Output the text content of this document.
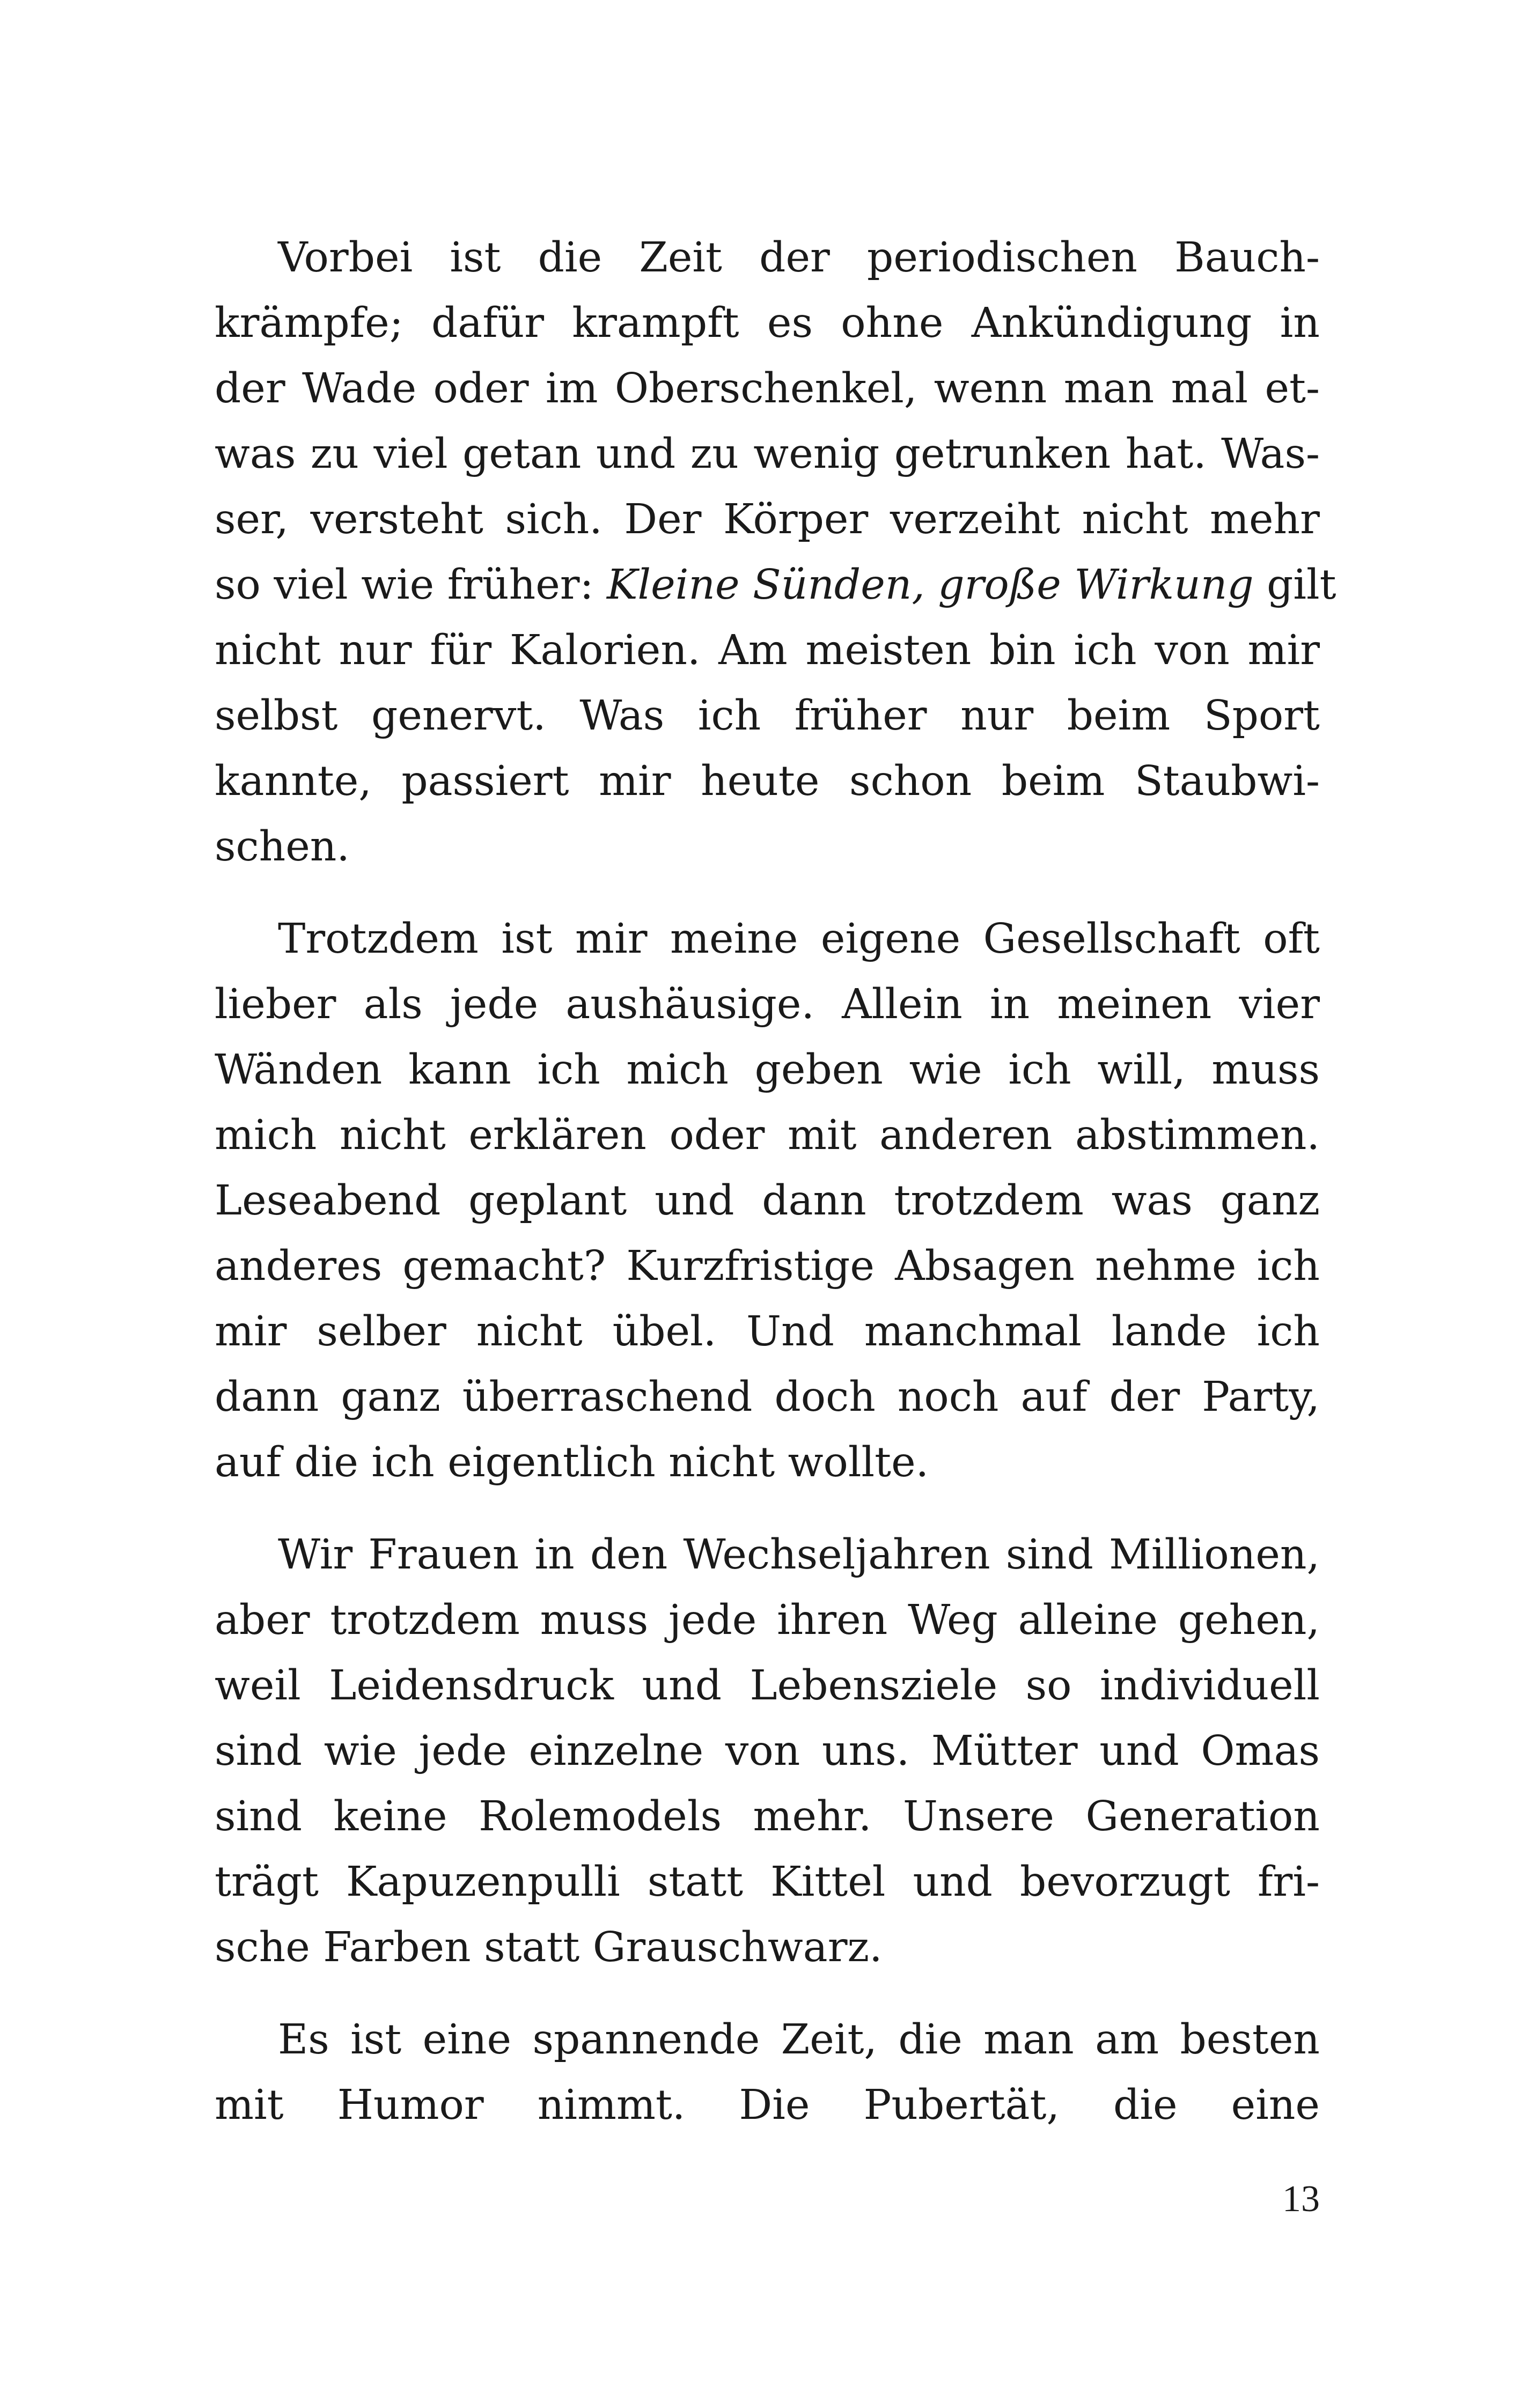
Vorbei ist die Zeit der periodischen Bauch-
krämpfe; dafür krampft es ohne Ankündigung in
der Wade oder im Oberschenkel, wenn man mal et-
was zu viel getan und zu wenig getrunken hat. Was-
ser, versteht sich. Der Körper verzeiht nicht mehr
so viel wie früher: Kleine Sünden, große Wirkung gilt
nicht nur für Kalorien. Am meisten bin ich von mir
selbst genervt. Was ich früher nur beim Sport
kannte, passiert mir heute schon beim Staubwi-
schen.

Trotzdem ist mir meine eigene Gesellschaft oft
lieber als jede aushäusige. Allein in meinen vier
Wänden kann ich mich geben wie ich will, muss
mich nicht erklären oder mit anderen abstimmen.
Leseabend geplant und dann trotzdem was ganz
anderes gemacht? Kurzfristige Absagen nehme ich
mir selber nicht übel. Und manchmal lande ich
dann ganz überraschend doch noch auf der Party,
auf die ich eigentlich nicht wollte.

Wir Frauen in den Wechseljahren sind Millionen,
aber trotzdem muss jede ihren Weg alleine gehen,
weil Leidensdruck und Lebensziele so individuell
sind wie jede einzelne von uns. Mütter und Omas
sind keine Rolemodels mehr. Unsere Generation
trägt Kapuzenpulli statt Kittel und bevorzugt fri-
sche Farben statt Grauschwarz.

Es ist eine spannende Zeit, die man am besten
mit Humor nimmt. Die Pubertät, die eine

13
